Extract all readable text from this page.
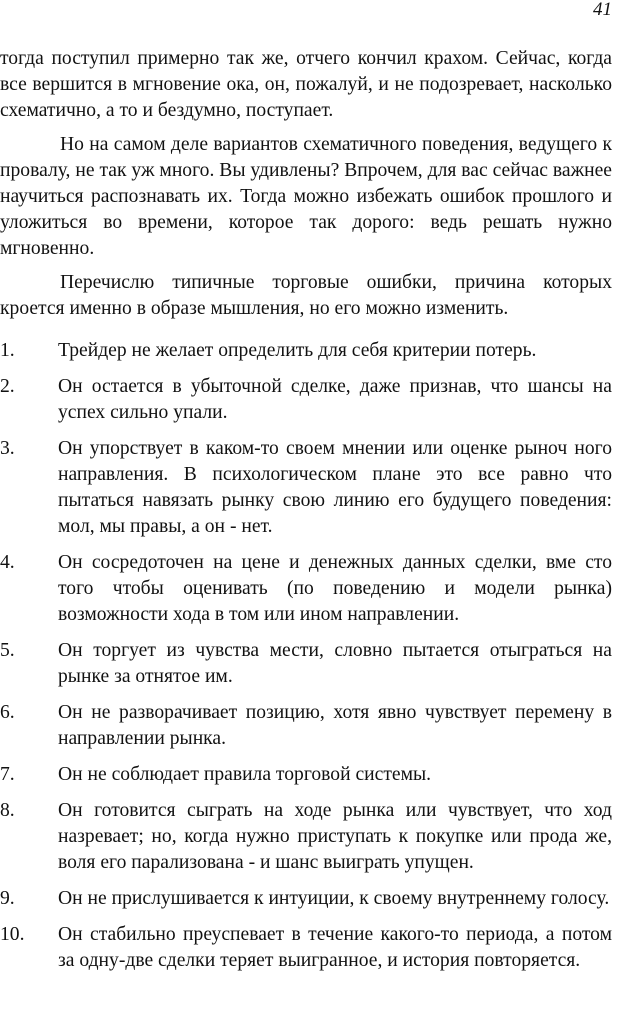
41

тогда поступил примерно так же, отчего кончил крахом. Сейчас, когда все вершится в мгновение ока, он, пожалуй, и не подозревает, насколько схематично, а то и бездумно, поступает.

Но на самом деле вариантов схематичного поведения, ведущего к провалу, не так уж много. Вы удивлены? Впрочем, для вас сейчас важнее научиться распознавать их. Тогда можно избежать ошибок прошлого и уложиться во времени, которое так дорого: ведь решать нужно мгновенно.

Перечислю типичные торговые ошибки, причина которых кроется именно в образе мышления, но его можно изменить.

1.	Трейдер не желает определить для себя критерии потерь.
2.	Он остается в убыточной сделке, даже признав, что шансы на успех сильно упали.
3.	Он упорствует в каком-то своем мнении или оценке рыноч ного направления. В психологическом плане это все равно что пытаться навязать рынку свою линию его будущего поведения: мол, мы правы, а он - нет.
4.	Он сосредоточен на цене и денежных данных сделки, вме сто того чтобы оценивать (по поведению и модели рынка) возможности хода в том или ином направлении.
5.	Он торгует из чувства мести, словно пытается отыграться на рынке за отнятое им.
6.	Он не разворачивает позицию, хотя явно чувствует перемену в направлении рынка.
7.	Он не соблюдает правила торговой системы.
8.	Он готовится сыграть на ходе рынка или чувствует, что ход назревает; но, когда нужно приступать к покупке или прода же, воля его парализована - и шанс выиграть упущен.
9.	Он не прислушивается к интуиции, к своему внутреннему голосу.
10.	Он стабильно преуспевает в течение какого-то периода, а потом за одну-две сделки теряет выигранное, и история повторяется.
